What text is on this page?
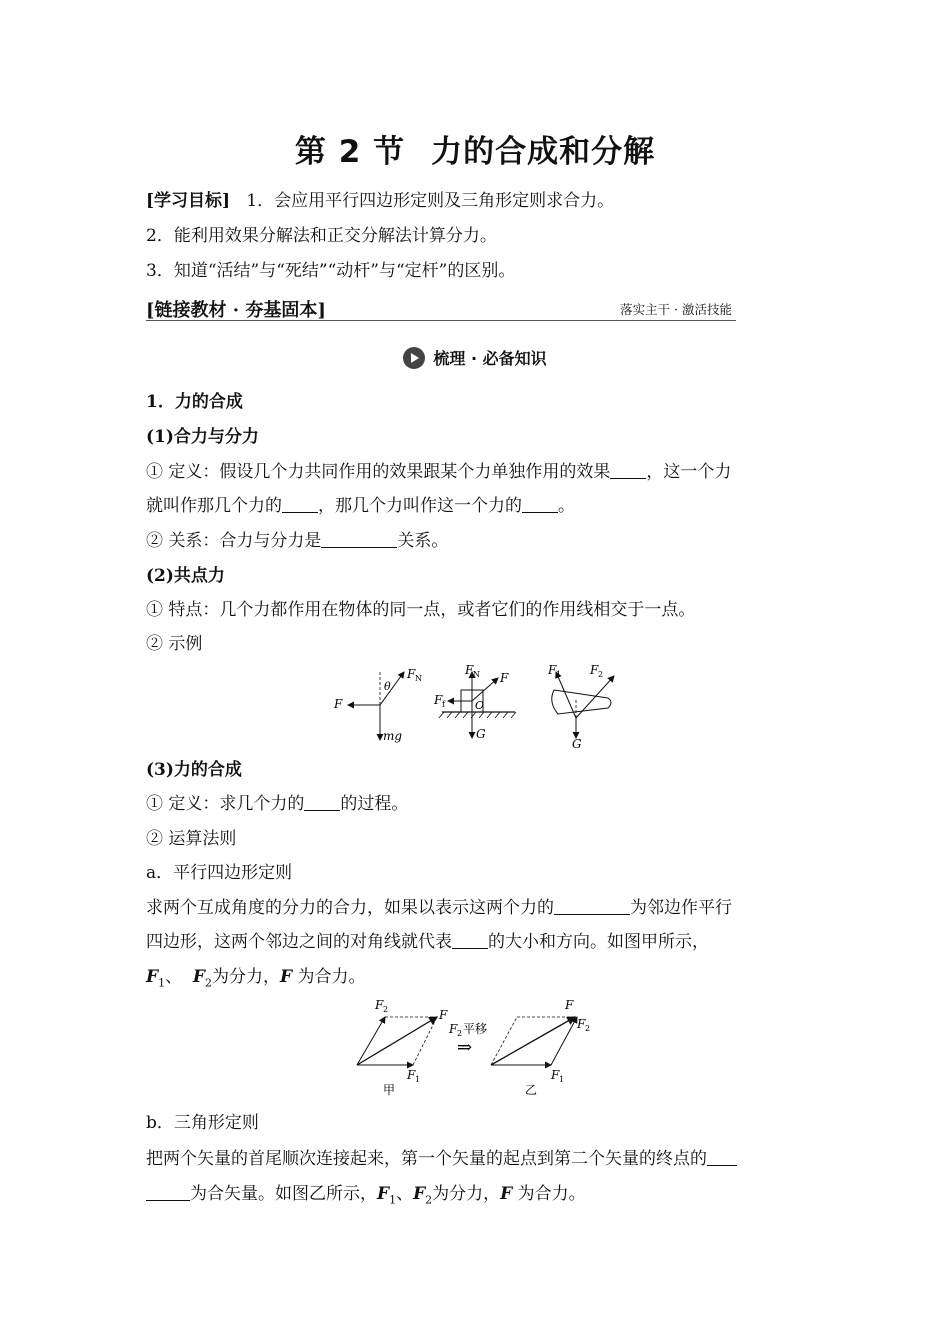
第 2 节 力的合成和分解
[学习目标] 1．会应用平行四边形定则及三角形定则求合力。
2．能利用效果分解法和正交分解法计算分力。
3．知道“活结”与“死结”“动杆”与“定杆”的区别。
[链接教材 · 夯基固本]	落实主干 · 激活技能
梳理 · 必备知识
1．力的合成
(1)合力与分力
① 定义：假设几个力共同作用的效果跟某个力单独作用的效果 ，这一个力
就叫作那几个力的 ，那几个力叫作这一个力的 。
② 关系：合力与分力是	关系。
(2)共点力
① 特点：几个力都作用在物体的同一点，或者它们的作用线相交于一点。
② 示例
F
F N
θ
mg
F N F
F f	O
G
F 1 F 2
G
(3)力的合成
① 定义：求几个力的 的过程。
② 运算法则
a．平行四边形定则
求两个互成角度的分力的合力，如果以表示这两个力的	为邻边作平行
四边形，这两个邻边之间的对角线就代表 的大小和方向。如图甲所示，
$F_1$、 $F_2$为分力，F 为合力。
F 2	F
F 1
甲
F 2 平移
⇒
F
F 2
F 1
乙
b．三角形定则
把两个矢量的首尾顺次连接起来，第一个矢量的起点到第二个矢量的终点的
为合矢量。如图乙所示，$F_1$、$F_2$为分力，F 为合力。
